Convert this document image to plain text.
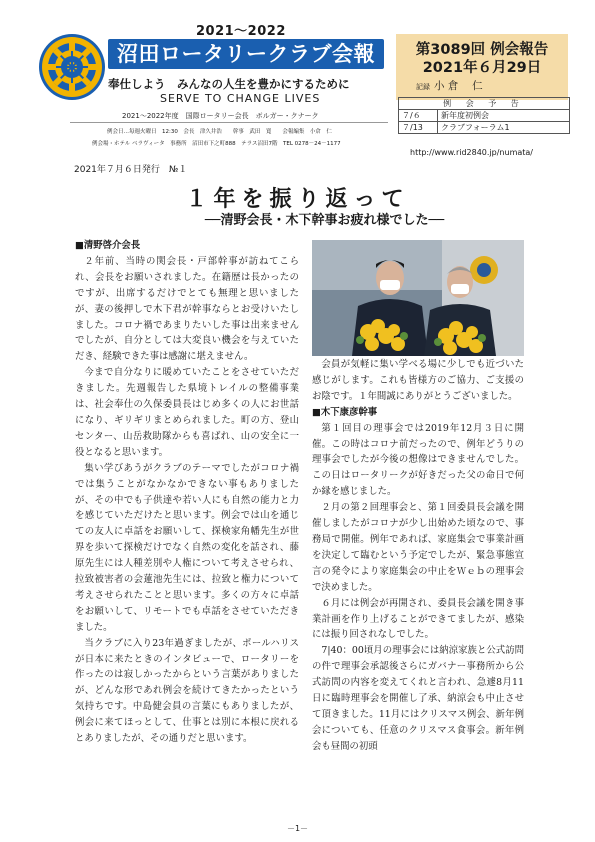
2021～2022
沼田ロータリークラブ会報
奉仕しよう　みんなの人生を豊かにするために
SERVE TO CHANGE LIVES
2021～2022年度　国際ロータリー会長　ボルガー・クナーク
例会日…毎週火曜日　12:30　会長　津久井浩　　幹事　武田　寛　　会報編集　小倉　仁
例会場・ホテル ベラヴィータ　事務所　沼田市下之町888　テラス沼田7階　TEL 0278－24－1177
第3089回 例会報告
2021年６月29日
記録 小 倉　 仁
例 会 予 告	
７/６	新年度初例会
７/13	クラブフォーラム1
http://www.rid2840.jp/numata/
2021年７月６日発行　№１
１年を振り返って
──清野会長・木下幹事お疲れ様でした──
■清野啓介会長

２年前、当時の関会長・戸部幹事が訪ねてこられ、会長をお願いされました。在籍歴は長かったのですが、出席するだけでとても無理と思いましたが、妻の後押しで木下君が幹事ならとお受けいたしました。コロナ禍であまりたいした事は出来ませんでしたが、自分としては大変良い機会を与えていただき、経験できた事は感謝に堪えません。

今まで自分なりに暖めていたことをさせていただきました。先週報告した県境トレイルの整備事業は、社会奉仕の久保委員長はじめ多くの人にお世話になり、ギリギリまとめられました。町の方、登山センター、山岳救助隊からも喜ばれ、山の安全に一役となると思います。

集い学びあうがクラブのテーマでしたがコロナ禍では集うことがなかなかできない事もありましたが、その中でも子供達や若い人にも自然の能力と力を感じていただけたと思います。例会では山を通じての友人に卓話をお願いして、探検家角幡先生が世界を歩いて探検だけでなく自然の変化を話され、藤原先生には人種差別や人権について考えさせられ、拉致被害者の会蓮池先生には、拉致と権力について考えさせられたことと思います。多くの方々に卓話をお願いして、リモートでも卓話をさせていただきました。

当クラブに入り23年過ぎましたが、ポールハリスが日本に来たときのインタビューで、ロータリーを作ったのは寂しかったからという言葉がありましたが、どんな形であれ例会を続けてきたかったという気持ちです。中島健会員の言葉にもありましたが、例会に来てほっとして、仕事とは別に本根に戻れるとありましたが、その通りだと思います。

会員が気軽に集い学べる場に少しでも近づいた感じがします。これも皆様方のご協力、ご支援のお陰です。１年間誠にありがとうございました。

■木下康彦幹事

第１回目の理事会では2019年12月３日に開催。この時はコロナ前だったので、例年どうりの理事会でしたが今後の想像はできませんでした。この日はロータリークが好きだった父の命日で何か縁を感じました。

２月の第２回理事会と、第１回委員長会議を開催しましたがコロナが少し出始めた頃なので、事務局で開催。例年であれば、家庭集会で事業計画を決定して臨むという予定でしたが、緊急事態宣言の発令により家庭集会の中止をＷｅｂの理事会で決めました。

６月には例会が再開され、委員長会議を開き事業計画を作り上げることができてましたが、感染には振り回されなしでした。

7|40：00頃月の理事会には納涼家族と公式訪問の件で理事会承認後さらにガバナー事務所から公式訪問の内容を変えてくれと言われ、急遽8月11日に臨時理事会を開催し了承、納涼会も中止させて頂きました。11月にはクリスマス例会、新年例会についても、任意のクリスマス食事会。新年例会も昼間の初頭

－1－
